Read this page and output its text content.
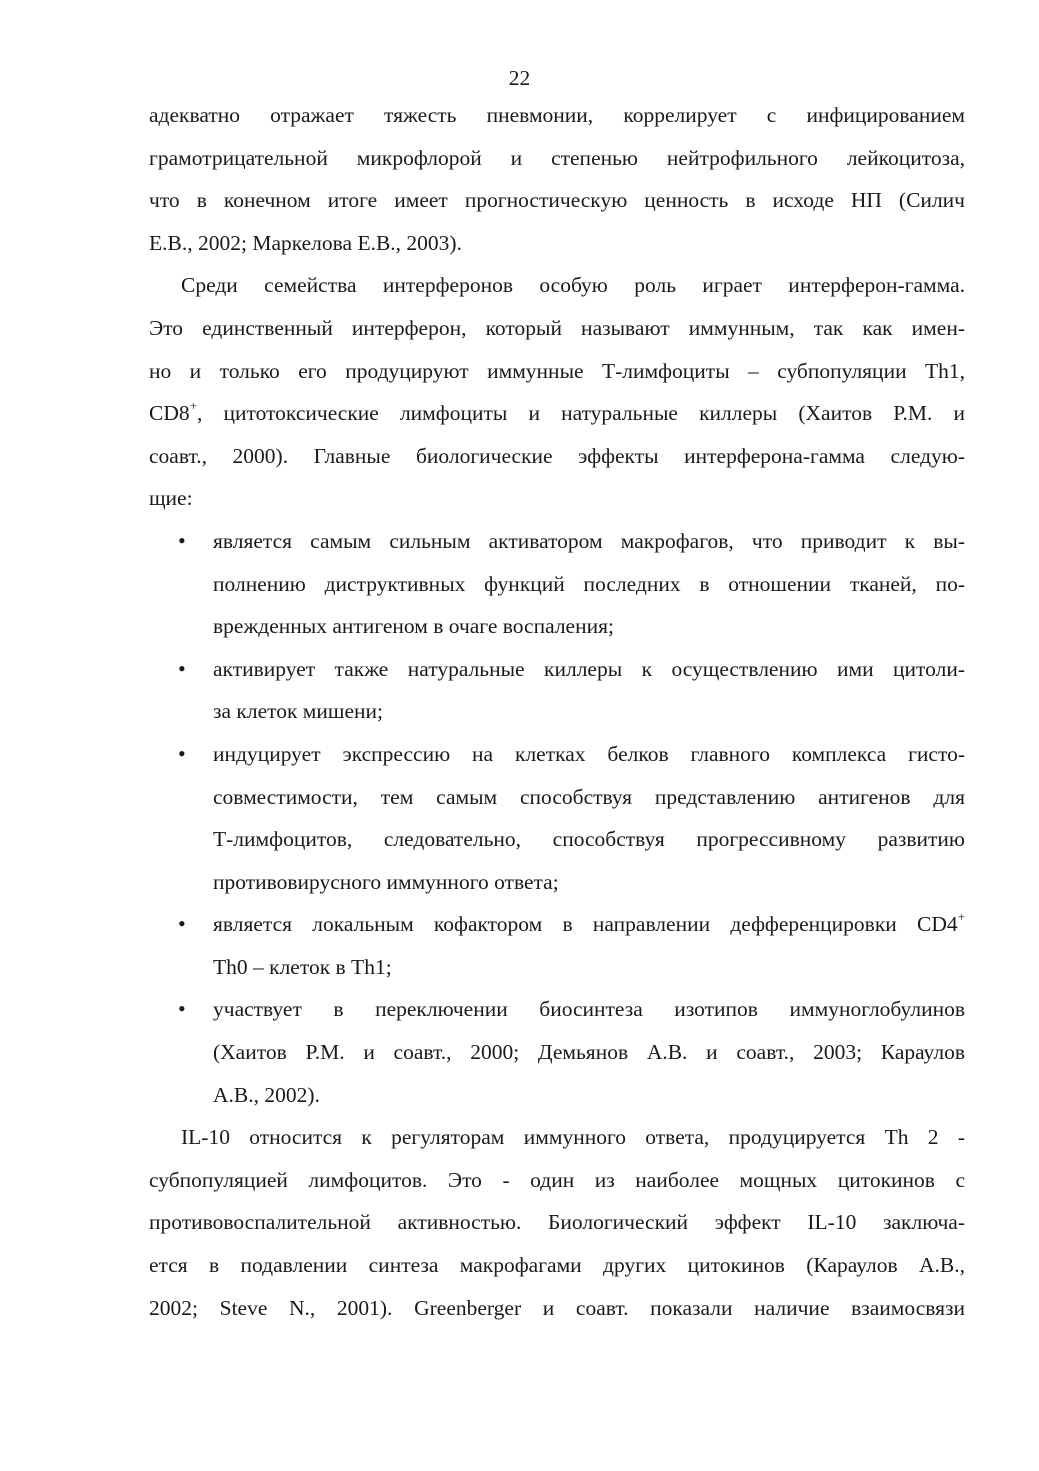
22
адекватно отражает тяжесть пневмонии, коррелирует с инфицированием
грамотрицательной микрофлорой и степенью нейтрофильного лейкоцитоза,
что в конечном итоге имеет прогностическую ценность в исходе НП (Силич
Е.В., 2002; Маркелова Е.В., 2003).
Среди семейства интерферонов особую роль играет интерферон-гамма.
Это единственный интерферон, который называют иммунным, так как имен-
но и только его продуцируют иммунные Т-лимфоциты – субпопуляции Th1,
CD8+, цитотоксические лимфоциты и натуральные киллеры (Хаитов Р.М. и
соавт., 2000). Главные биологические эффекты интерферона-гамма следую-
щие:
• является самым сильным активатором макрофагов, что приводит к вы-
полнению диструктивных функций последних в отношении тканей, по-
врежденных антигеном в очаге воспаления;
• активирует также натуральные киллеры к осуществлению ими цитоли-
за клеток мишени;
• индуцирует экспрессию на клетках белков главного комплекса гисто-
совместимости, тем самым способствуя представлению антигенов для
Т-лимфоцитов, следовательно, способствуя прогрессивному развитию
противовирусного иммунного ответа;
• является локальным кофактором в направлении дефференцировки CD4+
Th0 – клеток в Th1;
• участвует в переключении биосинтеза изотипов иммуноглобулинов
(Хаитов Р.М. и соавт., 2000; Демьянов А.В. и соавт., 2003; Караулов
А.В., 2002).
IL-10 относится к регуляторам иммунного ответа, продуцируется Th 2 -
субпопуляцией лимфоцитов. Это - один из наиболее мощных цитокинов с
противовоспалительной активностью. Биологический эффект IL-10 заключа-
ется в подавлении синтеза макрофагами других цитокинов (Караулов А.В.,
2002; Steve N., 2001). Greenberger и соавт. показали наличие взаимосвязи
